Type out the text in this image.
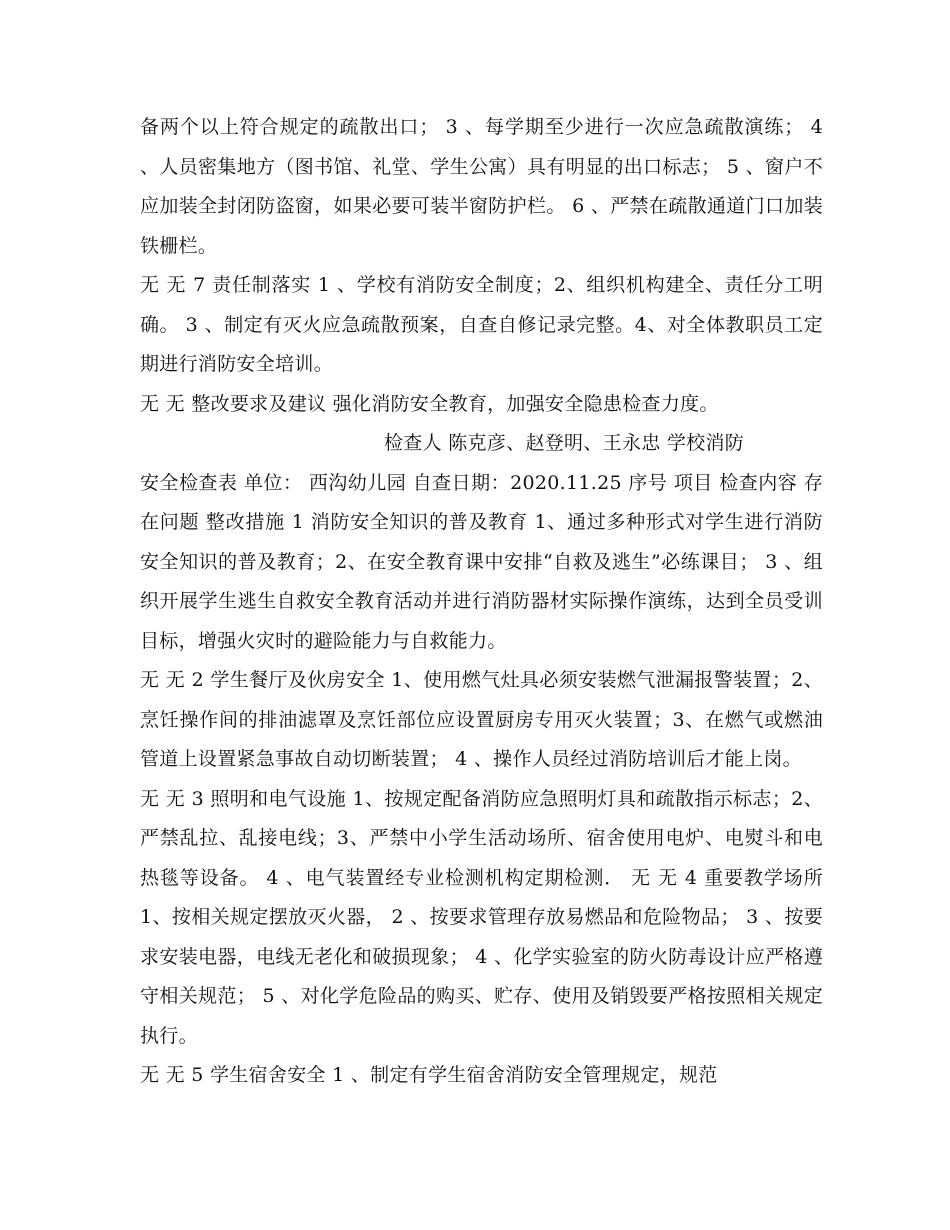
备两个以上符合规定的疏散出口； 3 、每学期至少进行一次应急疏散演练； 4 、人员密集地方（图书馆、礼堂、学生公寓）具有明显的出口标志； 5 、窗户不应加装全封闭防盗窗，如果必要可装半窗防护栏。 6 、严禁在疏散通道门口加装铁栅栏。

无 无 7 责任制落实 1 、学校有消防安全制度；2、组织机构建全、责任分工明确。 3 、制定有灭火应急疏散预案，自查自修记录完整。4、对全体教职员工定期进行消防安全培训。

无 无 整改要求及建议 强化消防安全教育，加强安全隐患检查力度。

检查人 陈克彦、赵登明、王永忠 学校消防

安全检查表 单位： 西沟幼儿园 自查日期：2020.11.25 序号 项目 检查内容 存在问题 整改措施 1 消防安全知识的普及教育 1、通过多种形式对学生进行消防安全知识的普及教育；2、在安全教育课中安排“自救及逃生”必练课目； 3 、组织开展学生逃生自救安全教育活动并进行消防器材实际操作演练，达到全员受训目标，增强火灾时的避险能力与自救能力。

无 无 2 学生餐厅及伙房安全 1、使用燃气灶具必须安装燃气泄漏报警装置；2、烹饪操作间的排油滤罩及烹饪部位应设置厨房专用灭火装置；3、在燃气或燃油管道上设置紧急事故自动切断装置； 4 、操作人员经过消防培训后才能上岗。

无 无 3 照明和电气设施 1、按规定配备消防应急照明灯具和疏散指示标志；2、严禁乱拉、乱接电线；3、严禁中小学生活动场所、宿舍使用电炉、电熨斗和电热毯等设备。 4 、电气装置经专业检测机构定期检测． 无 无 4 重要教学场所 1、按相关规定摆放灭火器， 2 、按要求管理存放易燃品和危险物品； 3 、按要求安装电器，电线无老化和破损现象； 4 、化学实验室的防火防毒设计应严格遵守相关规范； 5 、对化学危险品的购买、贮存、使用及销毁要严格按照相关规定执行。

无 无 5 学生宿舍安全 1 、制定有学生宿舍消防安全管理规定，规范
